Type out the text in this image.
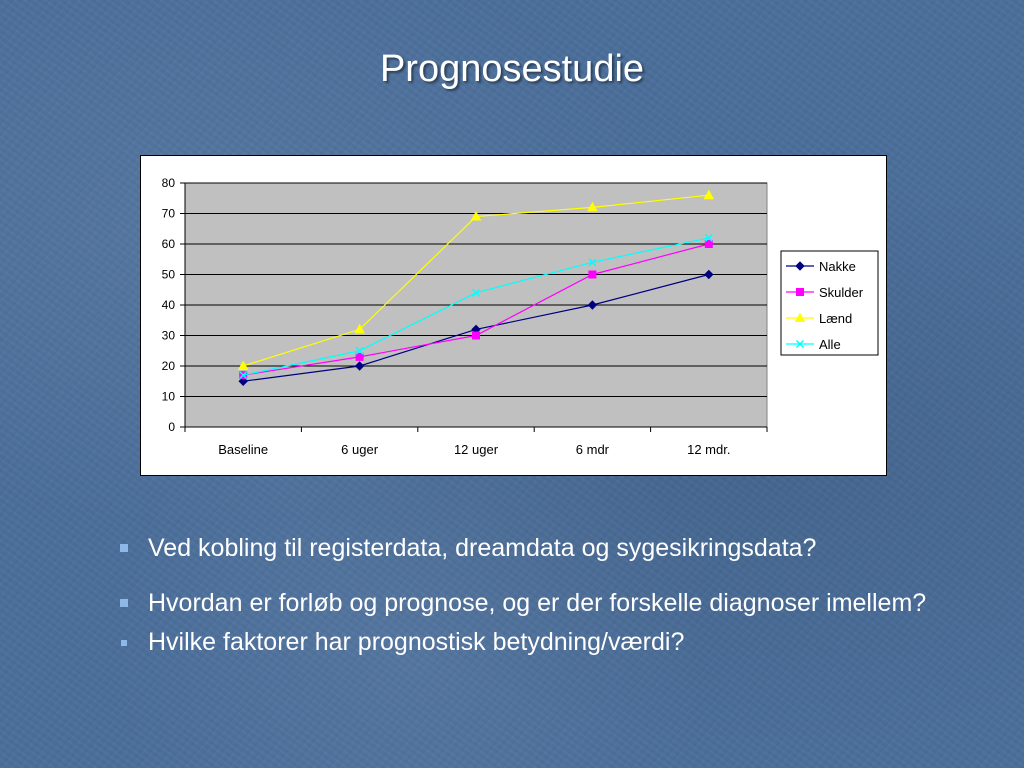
Prognosestudie
0
10
20
30
40
50
60
70
80
Baseline	6 uger	12 uger	6 mdr	12 mdr.
Nakke
Skulder
Lænd
Alle
Ved kobling til registerdata, dreamdata og sygesikringsdata?
Hvordan er forløb og prognose, og er der forskelle diagnoser imellem?
Hvilke faktorer har prognostisk betydning/værdi?
